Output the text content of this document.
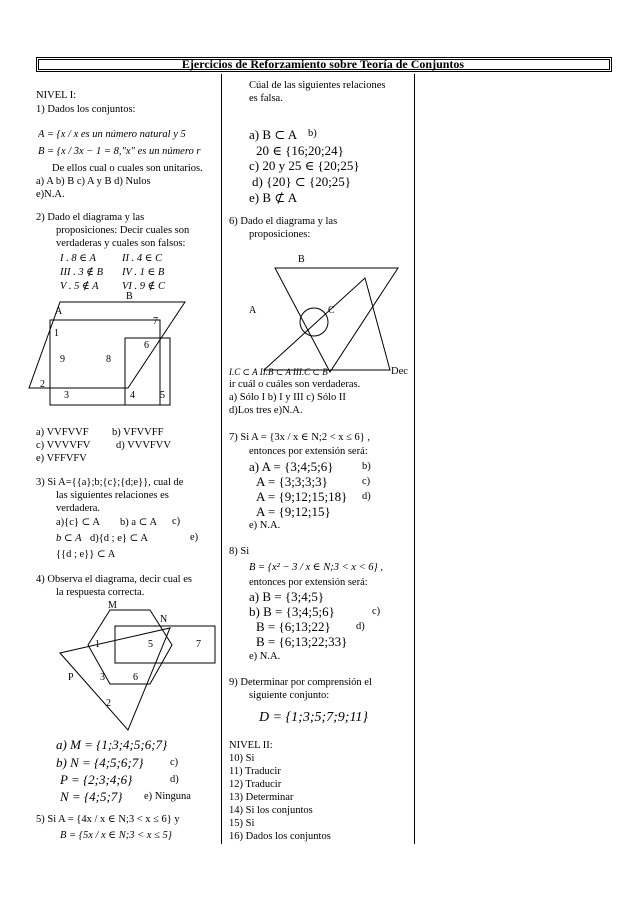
Ejercicios de Reforzamiento sobre Teoría de Conjuntos
NIVEL I:
1) Dados los conjuntos:
A = {x / x es un número natural y 5
B = {x / 3x − 1 = 8,"x" es un número r
De ellos cual o cuales son unitarios.
a) A b) B c) A y B d) Nulos
e)N.A.
2) Dado el diagrama y las
proposiciones: Decir cuales son
verdaderas y cuales son falsos:
I . 8 ∈ A II . 4 ∈ C
III . 3 ∉ B IV . 1 ∈ B
V . 5 ∉ A VI . 9 ∉ C
A
B
1
7
6
9	8
2
3	4	5
a) VVFVVF b) VFVVFF
c) VVVVFV d) VVVFVV
e) VFFVFV
3) Si A={{a};b;{c};{d;e}}, cual de
las siguientes relaciones es
verdadera.
a){c} ⊂ A b) a ⊂ A c)
b ⊂ A d){d ; e} ⊂ A	e)
{{d ; e}} ⊂ A
4) Observa el diagrama, decir cual es
la respuesta correcta.
M
N
P
1	5	7
3	6
2
a) M = {1;3;4;5;6;7}
b) N = {4;5;6;7}	c)
P = {2;3;4;6}	d)
N = {4;5;7} e) Ninguna
5) Si A = {4x / x ∈ N;3 < x ≤ 6} y
B = {5x / x ∈ N;3 < x ≤ 5}
Cúal de las siguientes relaciones
es falsa.
a) B ⊂ A b)
20 ∈ {16;20;24}
c) 20 y 25 ∈ {20;25}
d) {20} ⊂ {20;25}
e) B ⊄ A
6) Dado el diagrama y las
proposiciones:
B
A	C
I.C ⊂ A II.B ⊂ A III.C ⊂ B	Dec
ir cuál o cuáles son verdaderas.
a) Sólo I b) I y III c) Sólo II
d)Los tres e)N.A.
7) Si A = {3x / x ∈ N;2 < x ≤ 6} ,
entonces por extensión será:
a) A = {3;4;5;6}	b)
A = {3;3;3;3}	c)
A = {9;12;15;18} d)
A = {9;12;15}
e) N.A.
8) Si
B = {x² − 3 / x ∈ N;3 < x < 6} ,
entonces por extensión será:
a) B = {3;4;5}
b) B = {3;4;5;6}	c)
B = {6;13;22} d)
B = {6;13;22;33}
e) N.A.
9) Determinar por comprensión el
siguiente conjunto:
D = {1;3;5;7;9;11}
NIVEL II:
10) Si
11) Traducir
12) Traducir
13) Determinar
14) Si los conjuntos
15) Si
16) Dados los conjuntos
